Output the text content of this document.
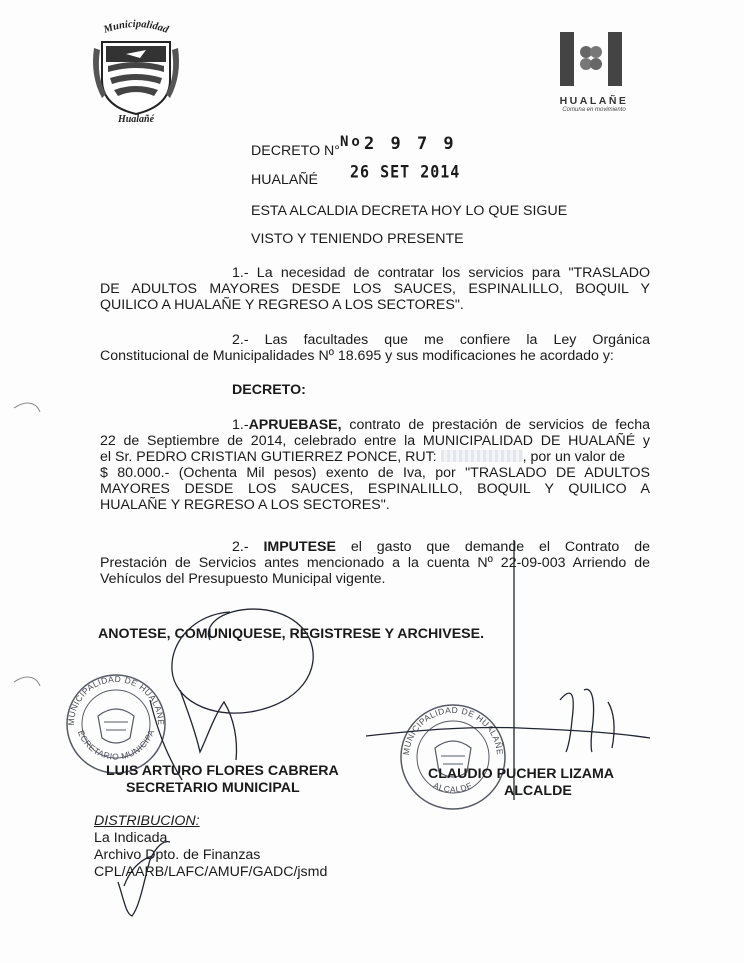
Municipalidad
Hualañé
H
HUALAÑE
Comuna en movimiento
DECRETO N°
No 2 9 7 9
HUALAÑÉ 26 SET 2014
ESTA ALCALDIA DECRETA HOY LO QUE SIGUE
VISTO Y TENIENDO PRESENTE
1.- La necesidad de contratar los servicios para "TRASLADO
DE ADULTOS MAYORES DESDE LOS SAUCES, ESPINALILLO, BOQUIL Y
QUILICO A HUALAÑE Y REGRESO A LOS SECTORES".
2.- Las facultades que me confiere la Ley Orgánica
Constitucional de Municipalidades Nº 18.695 y sus modificaciones he acordado y:
DECRETO:
1.-APRUEBASE, contrato de prestación de servicios de fecha
22 de Septiembre de 2014, celebrado entre la MUNICIPALIDAD DE HUALAÑÉ y
el Sr. PEDRO CRISTIAN GUTIERREZ PONCE, RUT:	, por un valor de
$ 80.000.- (Ochenta Mil pesos) exento de Iva, por "TRASLADO DE ADULTOS
MAYORES DESDE LOS SAUCES, ESPINALILLO, BOQUIL Y QUILICO A
HUALAÑE Y REGRESO A LOS SECTORES".
2.- IMPUTESE el gasto que demande el Contrato de
Prestación de Servicios antes mencionado a la cuenta Nº 22-09-003 Arriendo de
Vehículos del Presupuesto Municipal vigente.
ANOTESE, COMUNIQUESE, REGISTRESE Y ARCHIVESE.
MUNICIPALIDAD DE HUALAÑE
ECRETARIO MUNICIPA
MUNICIPALIDAD DE HUALAÑE
ALCALDE
LUIS ARTURO FLORES CABRERA
SECRETARIO MUNICIPAL
CLAUDIO PUCHER LIZAMA
ALCALDE
DISTRIBUCION:
La Indicada
Archivo Dpto. de Finanzas
CPL/AARB/LAFC/AMUF/GADC/jsmd
